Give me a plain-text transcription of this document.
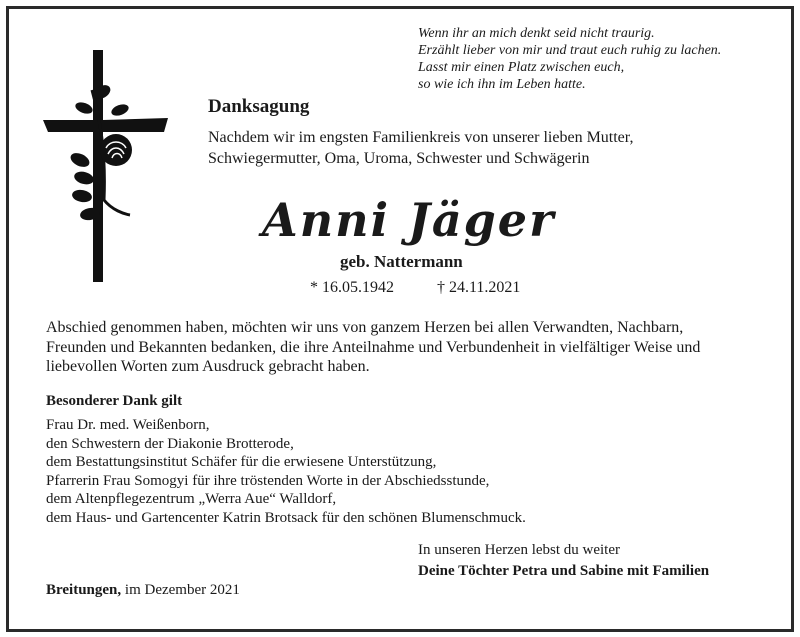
Wenn ihr an mich denkt seid nicht traurig.
Erzählt lieber von mir und traut euch ruhig zu lachen.
Lasst mir einen Platz zwischen euch,
so wie ich ihn im Leben hatte.
Danksagung
Nachdem wir im engsten Familienkreis von unserer lieben Mutter,
Schwiegermutter, Oma, Uroma, Schwester und Schwägerin
Anni Jäger
geb. Nattermann
* 16.05.1942	† 24.11.2021
Abschied genommen haben, möchten wir uns von ganzem Herzen bei allen Verwandten, Nachbarn,
Freunden und Bekannten bedanken, die ihre Anteilnahme und Verbundenheit in vielfältiger Weise und
liebevollen Worten zum Ausdruck gebracht haben.
Besonderer Dank gilt
Frau Dr. med. Weißenborn,
den Schwestern der Diakonie Brotterode,
dem Bestattungsinstitut Schäfer für die erwiesene Unterstützung,
Pfarrerin Frau Somogyi für ihre tröstenden Worte in der Abschiedsstunde,
dem Altenpflegezentrum „Werra Aue“ Walldorf,
dem Haus- und Gartencenter Katrin Brotsack für den schönen Blumenschmuck.
In unseren Herzen lebst du weiter
Deine Töchter Petra und Sabine mit Familien
Breitungen, im Dezember 2021
